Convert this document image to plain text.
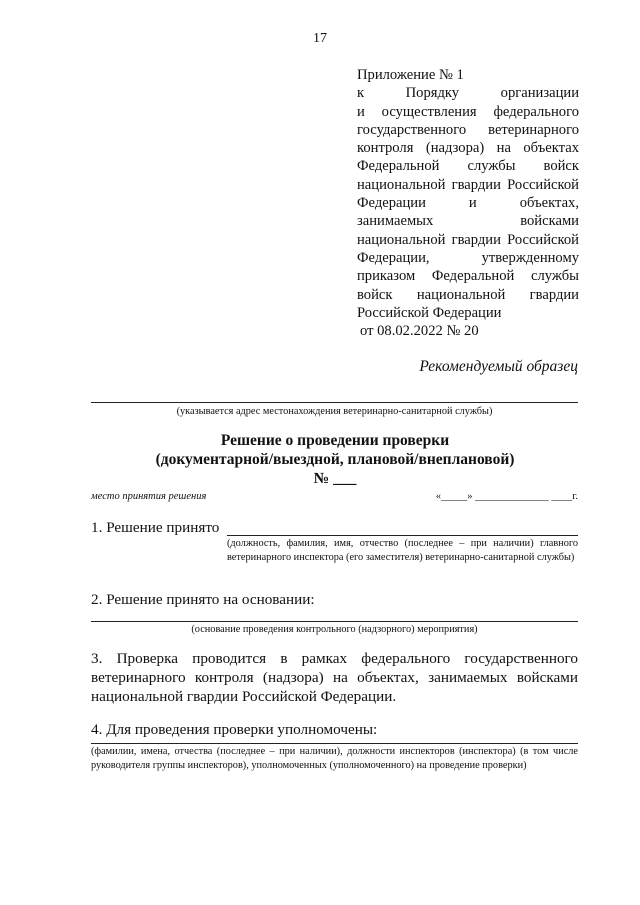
17
Приложение № 1
к Порядку организации
и осуществления федерального
государственного ветеринарного
контроля (надзора) на объектах
Федеральной службы войск
национальной гвардии Российской
Федерации и объектах,
занимаемых войсками
национальной гвардии Российской
Федерации, утвержденному
приказом Федеральной службы
войск национальной гвардии
Российской Федерации
от 08.02.2022 № 20
Рекомендуемый образец
(указывается адрес местонахождения ветеринарно-санитарной службы)
Решение о проведении проверки
(документарной/выездной, плановой/внеплановой)
№ ___
место принятия решения	«_____» ______________ ____г.
1. Решение принято
(должность, фамилия, имя, отчество (последнее – при наличии) главного ветеринарного инспектора (его заместителя) ветеринарно-санитарной службы)
2. Решение принято на основании:
(основание проведения контрольного (надзорного) мероприятия)
3. Проверка проводится в рамках федерального государственного ветеринарного контроля (надзора) на объектах, занимаемых войсками национальной гвардии Российской Федерации.
4. Для проведения проверки уполномочены:
(фамилии, имена, отчества (последнее – при наличии), должности инспекторов (инспектора) (в том числе руководителя группы инспекторов), уполномоченных (уполномоченного) на проведение проверки)
